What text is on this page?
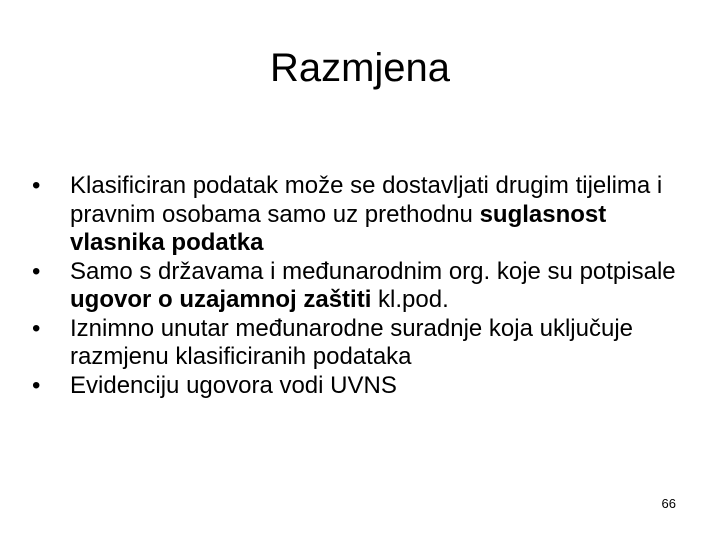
Razmjena
•	Klasificiran podatak može se dostavljati drugim tijelima i pravnim osobama samo uz prethodnu suglasnost vlasnika podatka
•	Samo s državama i međunarodnim org. koje su potpisale ugovor o uzajamnoj zaštiti kl.pod.
•	Iznimno unutar međunarodne suradnje koja uključuje razmjenu klasificiranih podataka
•	Evidenciju ugovora vodi UVNS
66
